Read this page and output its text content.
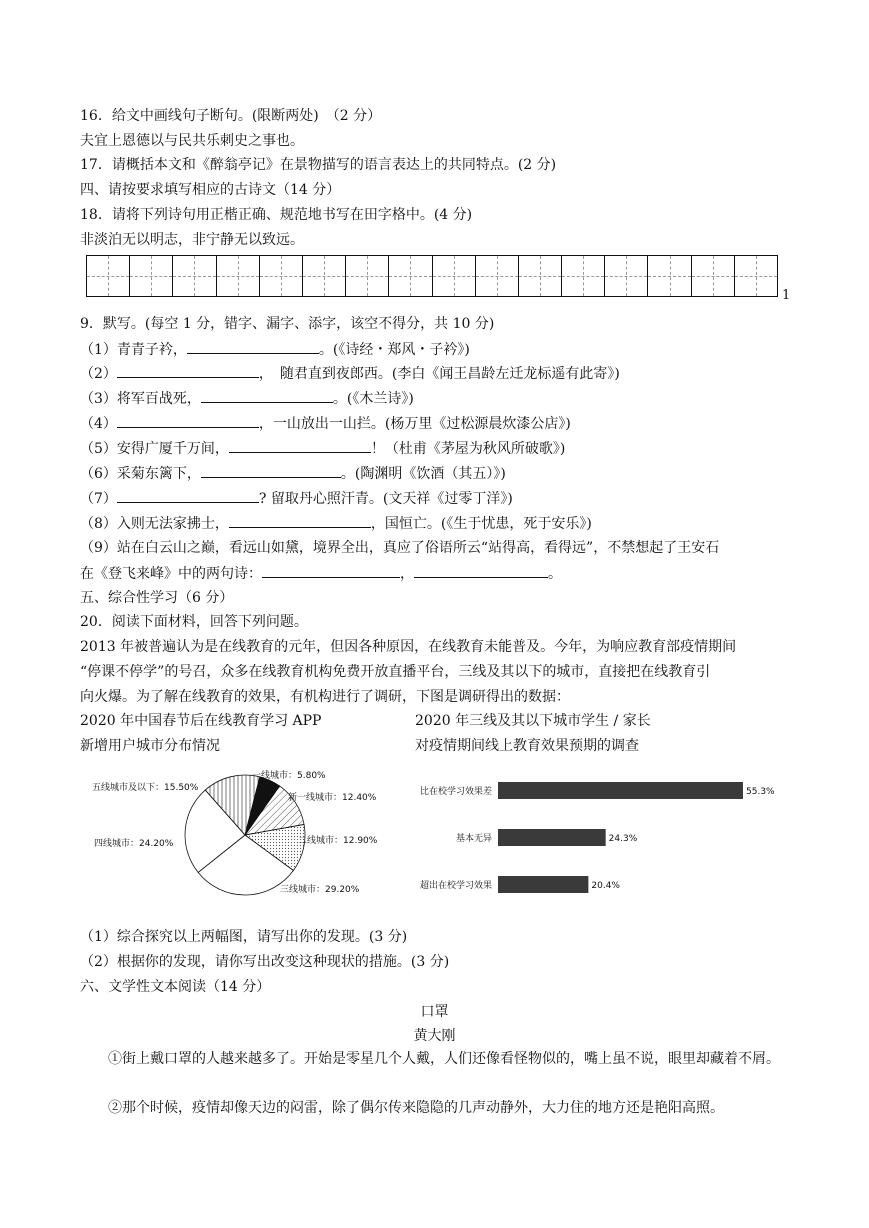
16．给文中画线句子断句。(限断两处)　（2 分）
夫宜上恩德以与民共乐刺史之事也。
17．请概括本文和《醉翁亭记》在景物描写的语言表达上的共同特点。(2 分)
四、请按要求填写相应的古诗文（14 分）
18．请将下列诗句用正楷正确、规范地书写在田字格中。(4 分)
非淡泊无以明志，非宁静无以致远。
1
9．默写。(每空 1 分，错字、漏字、添字，该空不得分，共 10 分)
（1）青青子衿，	。(《诗经・郑风・子衿》)
（2）	，　随君直到夜郎西。(李白《闻王昌龄左迁龙标遥有此寄》)
（3）将军百战死，	。(《木兰诗》)
（4）	，一山放出一山拦。(杨万里《过松源晨炊漆公店》)
（5）安得广厦千万间，	！（杜甫《茅屋为秋风所破歌》)
（6）采菊东篱下，	。(陶渊明《饮酒（其五）》)
（7）	? 留取丹心照汗青。(文天祥《过零丁洋》)
（8）入则无法家拂士，	，国恒亡。(《生于忧患，死于安乐》)
（9）站在白云山之巅，看远山如黛，境界全出，真应了俗语所云“站得高，看得远”，不禁想起了王安石
在《登飞来峰》中的两句诗：	，	。
五、综合性学习（6 分）
20．阅读下面材料，回答下列问题。
2013 年被普遍认为是在线教育的元年，但因各种原因，在线教育未能普及。今年，为响应教育部疫情期间
“停课不停学”的号召，众多在线教育机构免费开放直播平台，三线及其以下的城市，直接把在线教育引
向火爆。为了解在线教育的效果，有机构进行了调研，下图是调研得出的数据：
2020 年中国春节后在线教育学习 APP
新增用户城市分布情况
2020 年三线及其以下城市学生 / 家长
对疫情期间线上教育效果预期的调查
一线城市：5.80%
新一线城市：12.40%
二线城市：12.90%
三线城市：29.20%
四线城市：24.20%
五线城市及以下：15.50%	比在校学习效果差	55.3%
基本无异	24.3%
超出在校学习效果	20.4%
（1）综合探究以上两幅图，请写出你的发现。(3 分)
（2）根据你的发现，请你写出改变这种现状的措施。(3 分)
六、文学性文本阅读（14 分）
口罩
黄大刚
①街上戴口罩的人越来越多了。开始是零星几个人戴，人们还像看怪物似的，嘴上虽不说，眼里却藏着不屑。
②那个时候，疫情却像天边的闷雷，除了偶尔传来隐隐的几声动静外，大力住的地方还是艳阳高照。
